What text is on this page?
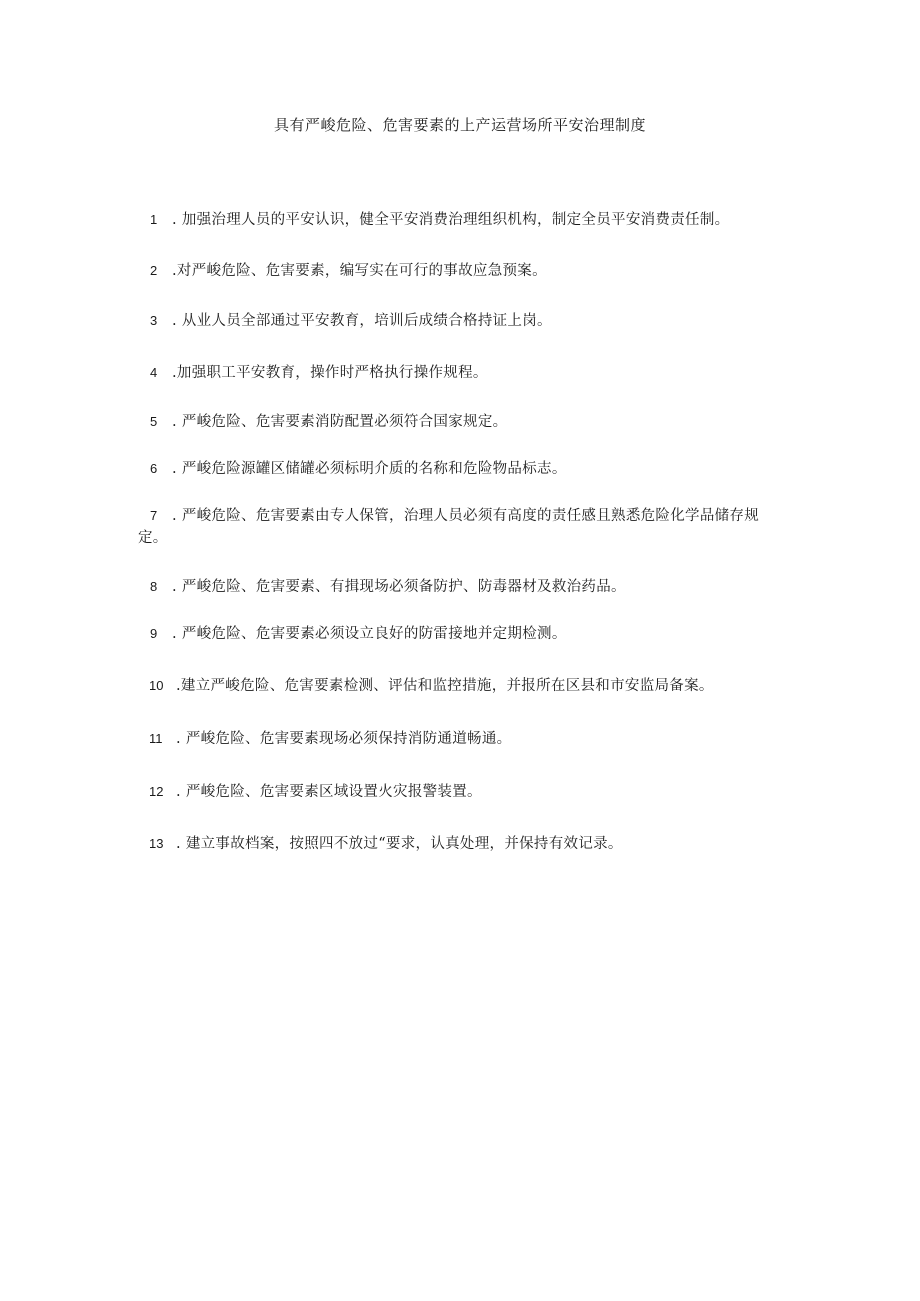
具有严峻危险、危害要素的上产运营场所平安治理制度
1 . 加强治理人员的平安认识，健全平安消费治理组织机构，制定全员平安消费责任制。
2 .对严峻危险、危害要素，编写实在可行的事故应急预案。
3 . 从业人员全部通过平安教育，培训后成绩合格持证上岗。
4 .加强职工平安教育，操作时严格执行操作规程。
5 . 严峻危险、危害要素消防配置必须符合国家规定。
6 . 严峻危险源罐区储罐必须标明介质的名称和危险物品标志。
7 . 严峻危险、危害要素由专人保管，治理人员必须有高度的责任感且熟悉危险化学品储存规定。
8 . 严峻危险、危害要素、有揖现场必须备防护、防毒器材及救治药品。
9 . 严峻危险、危害要素必须设立良好的防雷接地并定期检测。
10 .建立严峻危险、危害要素检测、评估和监控措施，并报所在区县和市安监局备案。
11 . 严峻危险、危害要素现场必须保持消防通道畅通。
12 . 严峻危险、危害要素区域设置火灾报警装置。
13 . 建立事故档案，按照四不放过“要求，认真处理，并保持有效记录。
